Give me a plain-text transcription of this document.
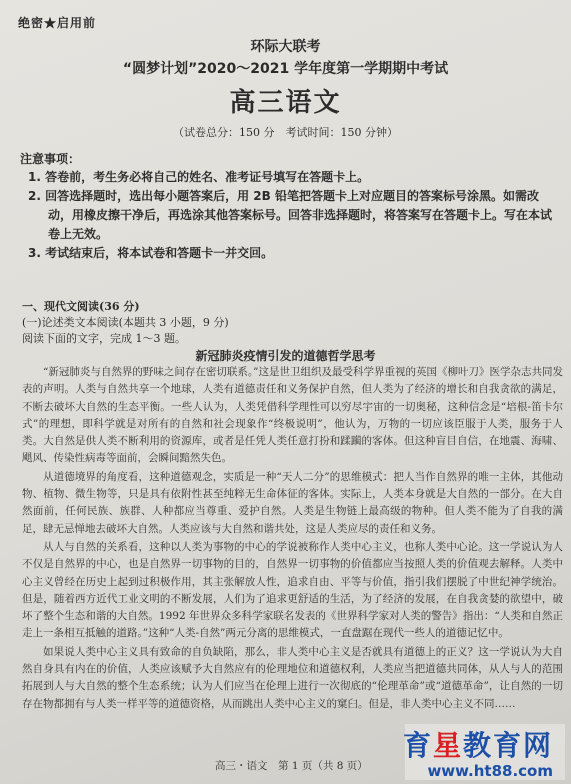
绝密★启用前
环际大联考
“圆梦计划”2020～2021 学年度第一学期期中考试
高三语文
（试卷总分：150 分　考试时间：150 分钟）
注意事项：

1. 答卷前，考生务必将自己的姓名、准考证号填写在答题卡上。

2. 回答选择题时，选出每小题答案后，用 2B 铅笔把答题卡上对应题目的答案标号涂黑。如需改动，用橡皮擦干净后，再选涂其他答案标号。回答非选择题时，将答案写在答题卡上。写在本试卷上无效。

3. 考试结束后，将本试卷和答题卡一并交回。

一、现代文阅读(36 分)
(一)论述类文本阅读(本题共 3 小题，9 分)
阅读下面的文字，完成 1～3 题。
新冠肺炎疫情引发的道德哲学思考

“新冠肺炎与自然界的野味之间存在密切联系。”这是世卫组织及最受科学界重视的英国《柳叶刀》医学杂志共同发表的声明。人类与自然共享一个地球，人类有道德责任和义务保护自然，但人类为了经济的增长和自我贪欲的满足，不断去破坏大自然的生态平衡。一些人认为，人类凭借科学理性可以穷尽宇宙的一切奥秘，这种信念是“培根-笛卡尔式”的理想，即科学就是对所有的自然和社会现象作“终极说明”，他认为，万物的一切应该臣服于人类，服务于人类。大自然是供人类不断利用的资源库，或者是任凭人类任意打扮和蹂躏的客体。但这种盲目自信，在地震、海啸、飓风、传染性病毒等面前，会瞬间黯然失色。

从道德境界的角度看，这种道德观念，实质是一种“天人二分”的思维模式：把人当作自然界的唯一主体，其他动物、植物、微生物等，只是具有依附性甚至纯粹无生命体征的客体。实际上，人类本身就是大自然的一部分。在大自然面前，任何民族、族群、人种都应当尊重、爱护自然。人类是生物链上最高级的物种。但人类不能为了自我的满足，肆无忌惮地去破坏大自然。人类应该与大自然和谐共处，这是人类应尽的责任和义务。

从人与自然的关系看，这种以人类为事物的中心的学说被称作人类中心主义，也称人类中心论。这一学说认为人不仅是自然界的中心，也是自然界一切事物的目的，自然界一切事物的价值都应当按照人类的价值观去解释。人类中心主义曾经在历史上起到过积极作用，其主张解放人性，追求自由、平等与价值，指引我们摆脱了中世纪神学统治。但是，随着西方近代工业文明的不断发展，人们为了追求更舒适的生活，为了经济的发展，在自我贪婪的欲望中，破坏了整个生态和谐的大自然。1992 年世界众多科学家联名发表的《世界科学家对人类的警告》指出：“人类和自然正走上一条相互抵触的道路。”这种“人类-自然”两元分离的思维模式，一直盘踞在现代一些人的道德记忆中。

如果说人类中心主义具有致命的自负缺陷，那么，非人类中心主义是否就具有道德上的正义？这一学说认为大自然自身具有内在的价值，人类应该赋予大自然应有的伦理地位和道德权利，人类应当把道德共同体，从人与人的范围拓展到人与大自然的整个生态系统；认为人们应当在伦理上进行一次彻底的“伦理革命”或“道德革命”，让自然的一切存在物都拥有与人类一样平等的道德资格，从而跳出人类中心主义的窠臼。但是，非人类中心主义不同……

高三・语文　第 1 页（共 8 页）
育星教育网
www.ht88.com
